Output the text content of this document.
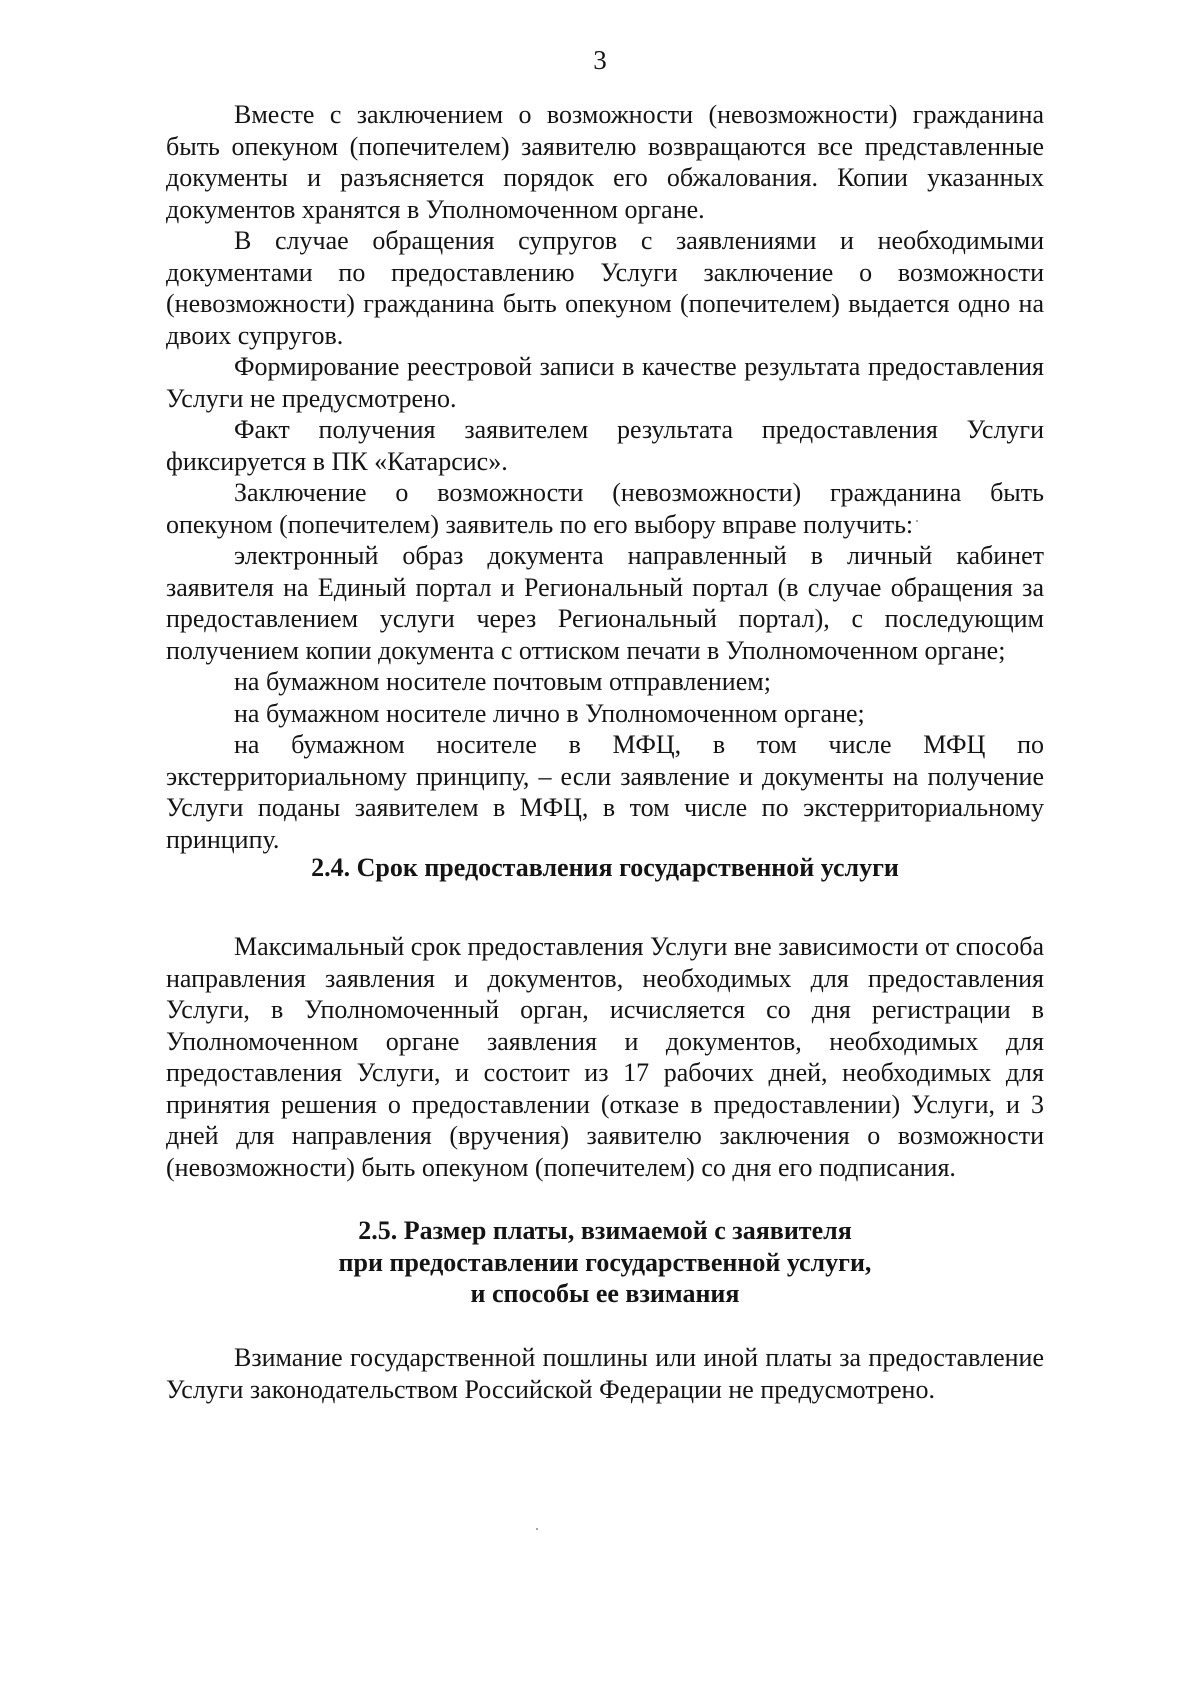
3

Вместе с заключением о возможности (невозможности) гражданина быть опекуном (попечителем) заявителю возвращаются все представленные документы и разъясняется порядок его обжалования. Копии указанных документов хранятся в Уполномоченном органе.

В случае обращения супругов с заявлениями и необходимыми документами по предоставлению Услуги заключение о возможности (невозможности) гражданина быть опекуном (попечителем) выдается одно на двоих супругов.

Формирование реестровой записи в качестве результата предоставления Услуги не предусмотрено.

Факт получения заявителем результата предоставления Услуги фиксируется в ПК «Катарсис».

Заключение о возможности (невозможности) гражданина быть опекуном (попечителем) заявитель по его выбору вправе получить:

электронный образ документа направленный в личный кабинет заявителя на Единый портал и Региональный портал (в случае обращения за предоставлением услуги через Региональный портал), с последующим получением копии документа с оттиском печати в Уполномоченном органе;

на бумажном носителе почтовым отправлением;

на бумажном носителе лично в Уполномоченном органе;

на бумажном носителе в МФЦ, в том числе МФЦ по экстерриториальному принципу, – если заявление и документы на получение Услуги поданы заявителем в МФЦ, в том числе по экстерриториальному принципу.

2.4. Срок предоставления государственной услуги

Максимальный срок предоставления Услуги вне зависимости от способа направления заявления и документов, необходимых для предоставления Услуги, в Уполномоченный орган, исчисляется со дня регистрации в Уполномоченном органе заявления и документов, необходимых для предоставления Услуги, и состоит из 17 рабочих дней, необходимых для принятия решения о предоставлении (отказе в предоставлении) Услуги, и 3 дней для направления (вручения) заявителю заключения о возможности (невозможности) быть опекуном (попечителем) со дня его подписания.

2.5. Размер платы, взимаемой с заявителя
при предоставлении государственной услуги,
и способы ее взимания

Взимание государственной пошлины или иной платы за предоставление Услуги законодательством Российской Федерации не предусмотрено.
